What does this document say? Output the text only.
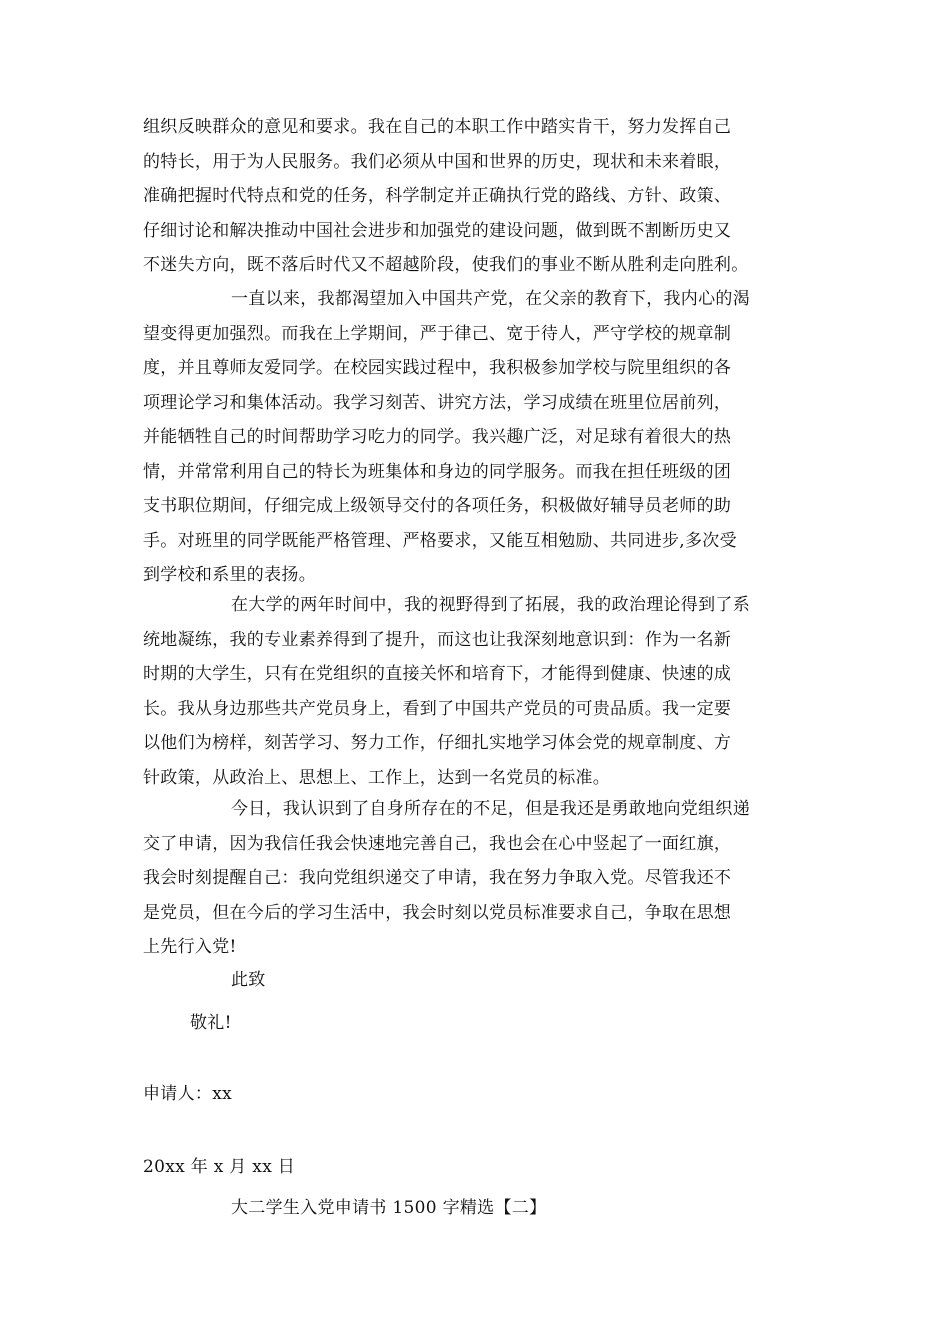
组织反映群众的意见和要求。我在自己的本职工作中踏实肯干，努力发挥自己
的特长，用于为人民服务。我们必须从中国和世界的历史，现状和未来着眼，
准确把握时代特点和党的任务，科学制定并正确执行党的路线、方针、政策、
仔细讨论和解决推动中国社会进步和加强党的建设问题，做到既不割断历史又
不迷失方向，既不落后时代又不超越阶段，使我们的事业不断从胜利走向胜利。
一直以来，我都渴望加入中国共产党，在父亲的教育下，我内心的渴
望变得更加强烈。而我在上学期间，严于律己、宽于待人，严守学校的规章制
度，并且尊师友爱同学。在校园实践过程中，我积极参加学校与院里组织的各
项理论学习和集体活动。我学习刻苦、讲究方法，学习成绩在班里位居前列，
并能牺牲自己的时间帮助学习吃力的同学。我兴趣广泛，对足球有着很大的热
情，并常常利用自己的特长为班集体和身边的同学服务。而我在担任班级的团
支书职位期间，仔细完成上级领导交付的各项任务，积极做好辅导员老师的助
手。对班里的同学既能严格管理、严格要求，又能互相勉励、共同进步,多次受
到学校和系里的表扬。
在大学的两年时间中，我的视野得到了拓展，我的政治理论得到了系
统地凝练，我的专业素养得到了提升，而这也让我深刻地意识到：作为一名新
时期的大学生，只有在党组织的直接关怀和培育下，才能得到健康、快速的成
长。我从身边那些共产党员身上，看到了中国共产党员的可贵品质。我一定要
以他们为榜样，刻苦学习、努力工作，仔细扎实地学习体会党的规章制度、方
针政策，从政治上、思想上、工作上，达到一名党员的标准。
今日，我认识到了自身所存在的不足，但是我还是勇敢地向党组织递
交了申请，因为我信任我会快速地完善自己，我也会在心中竖起了一面红旗，
我会时刻提醒自己：我向党组织递交了申请，我在努力争取入党。尽管我还不
是党员，但在今后的学习生活中，我会时刻以党员标准要求自己，争取在思想
上先行入党!
此致
敬礼!
申请人：xx
20xx 年 x 月 xx 日
大二学生入党申请书 1500 字精选【二】
